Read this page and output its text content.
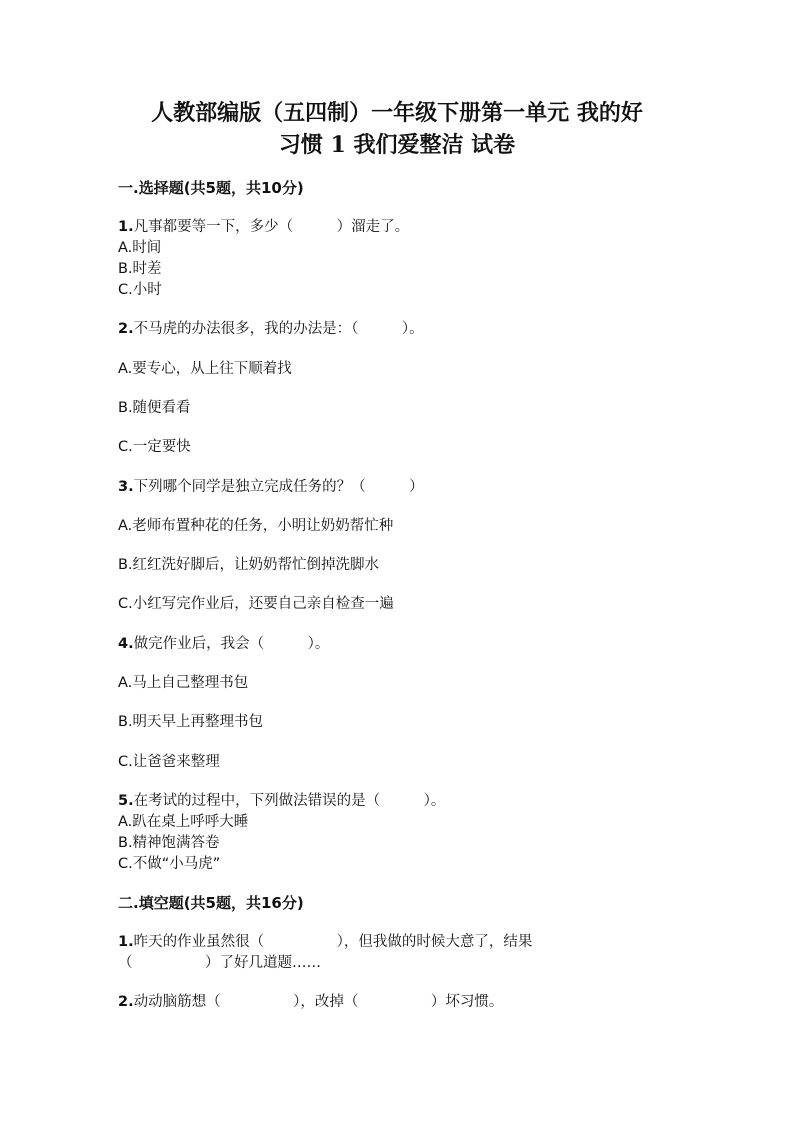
人教部编版（五四制）一年级下册第一单元 我的好
习惯 1 我们爱整洁 试卷
一.选择题(共5题，共10分)
1.凡事都要等一下，多少（　　　）溜走了。
A.时间
B.时差
C.小时
2.不马虎的办法很多，我的办法是：（　　　）。
A.要专心，从上往下顺着找
B.随便看看
C.一定要快
3.下列哪个同学是独立完成任务的？（　　　）
A.老师布置种花的任务，小明让奶奶帮忙种
B.红红洗好脚后，让奶奶帮忙倒掉洗脚水
C.小红写完作业后，还要自己亲自检查一遍
4.做完作业后，我会（　　　）。
A.马上自己整理书包
B.明天早上再整理书包
C.让爸爸来整理
5.在考试的过程中，下列做法错误的是（　　　）。
A.趴在桌上呼呼大睡
B.精神饱满答卷
C.不做“小马虎”
二.填空题(共5题，共16分)
1.昨天的作业虽然很（　　　　　），但我做的时候大意了，结果
（　　　　　）了好几道题……
2.动动脑筋想（　　　　　），改掉（　　　　　）坏习惯。
